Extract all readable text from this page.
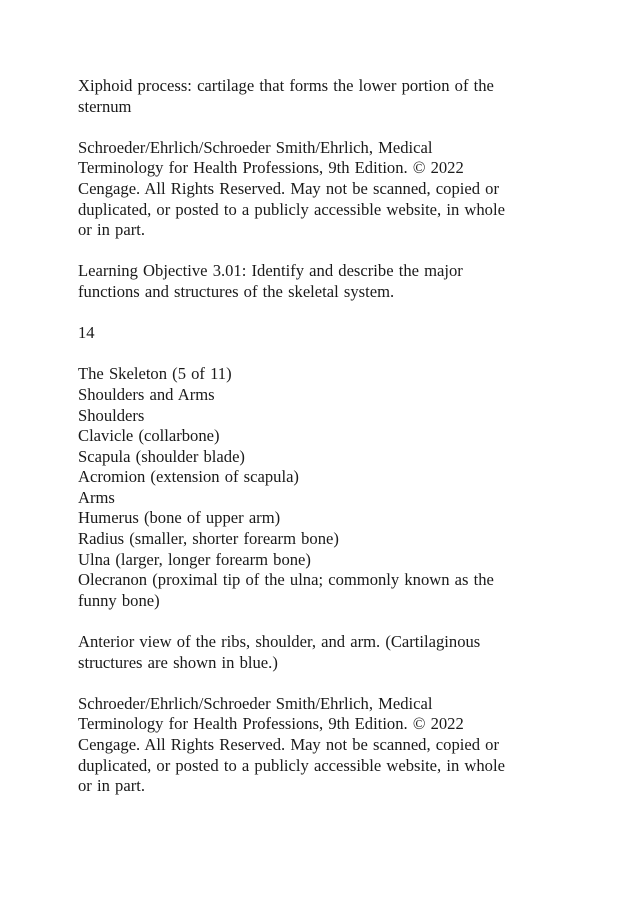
Xiphoid process: cartilage that forms the lower portion of the
sternum

Schroeder/Ehrlich/Schroeder Smith/Ehrlich, Medical
Terminology for Health Professions, 9th Edition. © 2022
Cengage. All Rights Reserved. May not be scanned, copied or
duplicated, or posted to a publicly accessible website, in whole
or in part.

Learning Objective 3.01: Identify and describe the major
functions and structures of the skeletal system.

14

The Skeleton (5 of 11)
Shoulders and Arms
Shoulders
Clavicle (collarbone)
Scapula (shoulder blade)
Acromion (extension of scapula)
Arms
Humerus (bone of upper arm)
Radius (smaller, shorter forearm bone)
Ulna (larger, longer forearm bone)
Olecranon (proximal tip of the ulna; commonly known as the
funny bone)

Anterior view of the ribs, shoulder, and arm. (Cartilaginous
structures are shown in blue.)

Schroeder/Ehrlich/Schroeder Smith/Ehrlich, Medical
Terminology for Health Professions, 9th Edition. © 2022
Cengage. All Rights Reserved. May not be scanned, copied or
duplicated, or posted to a publicly accessible website, in whole
or in part.
